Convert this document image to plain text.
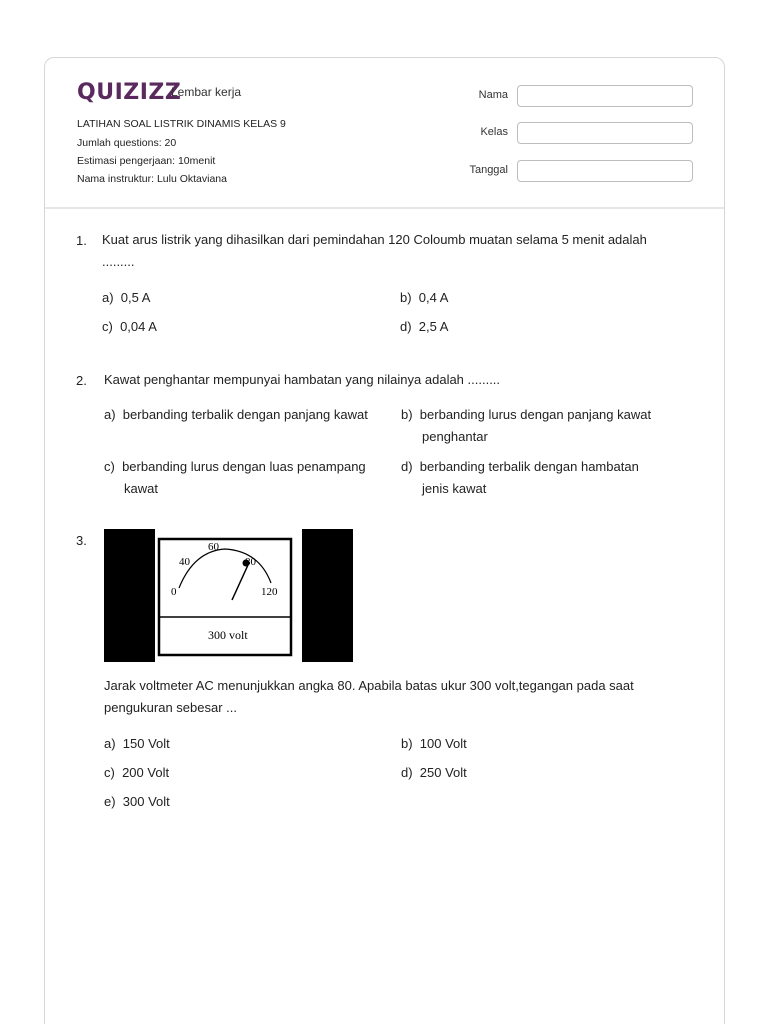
QUIZIZZ
Lembar kerja
LATIHAN SOAL LISTRIK DINAMIS KELAS 9
Jumlah questions: 20
Estimasi pengerjaan: 10menit
Nama instruktur: Lulu Oktaviana
Nama
Kelas
Tanggal
1. Kuat arus listrik yang dihasilkan dari pemindahan 120 Coloumb muatan selama 5 menit adalah
.........
a) 0,5 A	b) 0,4 A
c) 0,04 A	d) 2,5 A
2. Kawat penghantar mempunyai hambatan yang nilainya adalah .........
a) berbanding terbalik dengan panjang kawat	b) berbanding lurus dengan panjang kawat
penghantar
c) berbanding lurus dengan luas penampang
kawat
d) berbanding terbalik dengan hambatan
jenis kawat
3.
0
40
60
80
120
300 volt
Jarak voltmeter AC menunjukkan angka 80. Apabila batas ukur 300 volt,tegangan pada saat
pengukuran sebesar ...
a) 150 Volt	b) 100 Volt
c) 200 Volt	d) 250 Volt
e) 300 Volt
